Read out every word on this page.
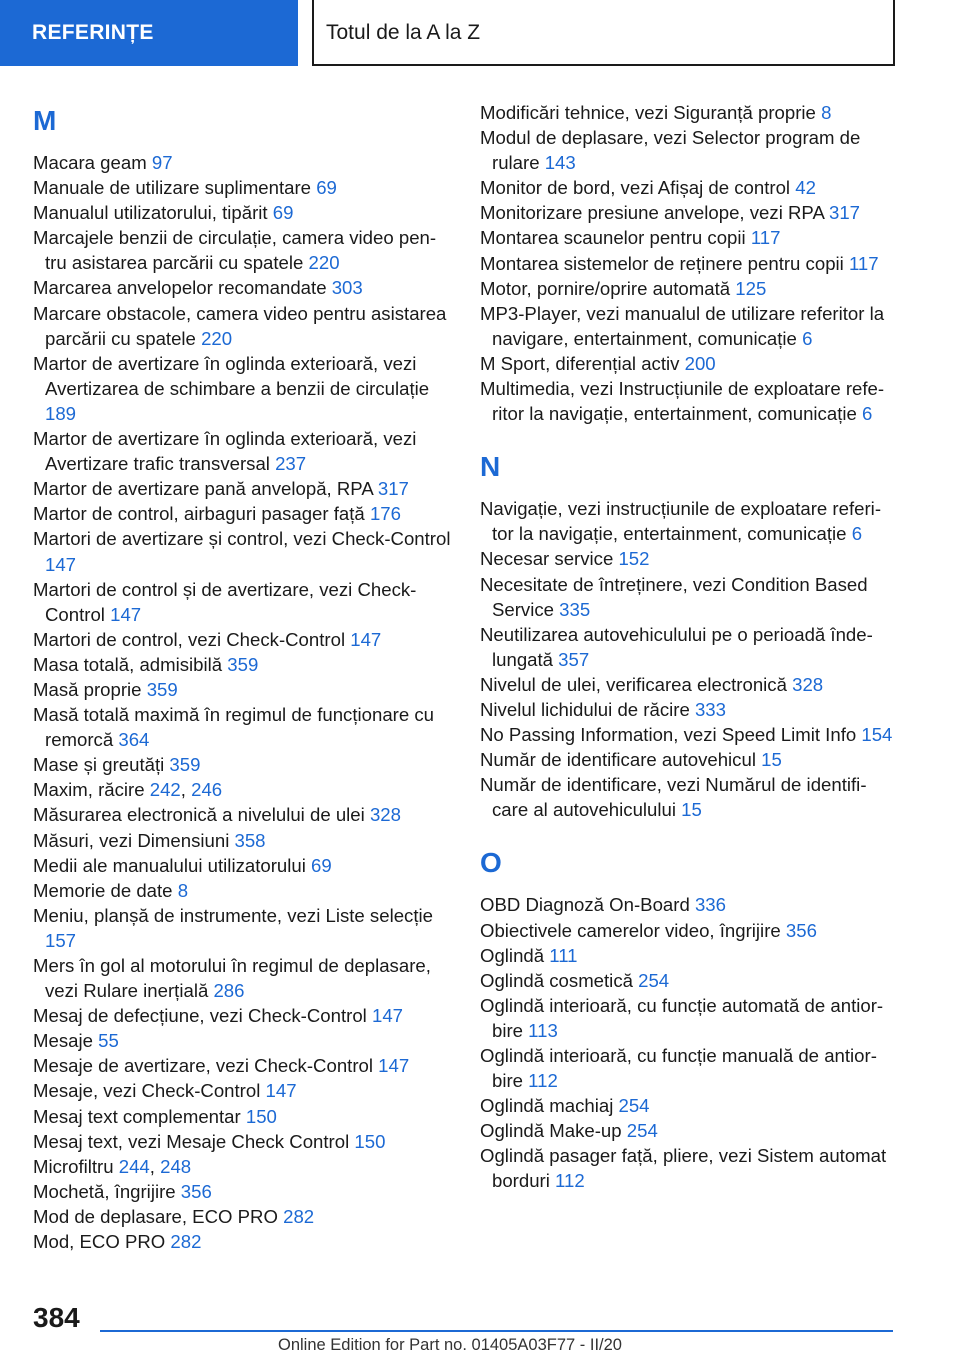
REFERINȚE	Totul de la A la Z
M
Macara geam 97
Manuale de utilizare suplimentare 69
Manualul utilizatorului, tipărit 69
Marcajele benzii de circulație, camera video pentru asistarea parcării cu spatele 220
Marcarea anvelopelor recomandate 303
Marcare obstacole, camera video pentru asistarea parcării cu spatele 220
Martor de avertizare în oglinda exterioară, vezi Avertizarea de schimbare a benzii de circulație 189
Martor de avertizare în oglinda exterioară, vezi Avertizare trafic transversal 237
Martor de avertizare pană anvelopă, RPA 317
Martor de control, airbaguri pasager față 176
Martori de avertizare și control, vezi Check-Control 147
Martori de control și de avertizare, vezi Check-Control 147
Martori de control, vezi Check-Control 147
Masa totală, admisibilă 359
Masă proprie 359
Masă totală maximă în regimul de funcționare cu remorcă 364
Mase și greutăți 359
Maxim, răcire 242, 246
Măsurarea electronică a nivelului de ulei 328
Măsuri, vezi Dimensiuni 358
Medii ale manualului utilizatorului 69
Memorie de date 8
Meniu, planșă de instrumente, vezi Liste selecție 157
Mers în gol al motorului în regimul de deplasare, vezi Rulare inerțială 286
Mesaj de defecțiune, vezi Check-Control 147
Mesaje 55
Mesaje de avertizare, vezi Check-Control 147
Mesaje, vezi Check-Control 147
Mesaj text complementar 150
Mesaj text, vezi Mesaje Check Control 150
Microfiltru 244, 248
Mochetă, îngrijire 356
Mod de deplasare, ECO PRO 282
Mod, ECO PRO 282
Modificări tehnice, vezi Siguranță proprie 8
Modul de deplasare, vezi Selector program de rulare 143
Monitor de bord, vezi Afișaj de control 42
Monitorizare presiune anvelope, vezi RPA 317
Montarea scaunelor pentru copii 117
Montarea sistemelor de reținere pentru copii 117
Motor, pornire/oprire automată 125
MP3-Player, vezi manualul de utilizare referitor la navigare, entertainment, comunicație 6
M Sport, diferențial activ 200
Multimedia, vezi Instrucțiunile de exploatare referitor la navigație, entertainment, comunicație 6
N
Navigație, vezi instrucțiunile de exploatare referitor la navigație, entertainment, comunicație 6
Necesar service 152
Necesitate de întreținere, vezi Condition Based Service 335
Neutilizarea autovehiculului pe o perioadă îndelungată 357
Nivelul de ulei, verificarea electronică 328
Nivelul lichidului de răcire 333
No Passing Information, vezi Speed Limit Info 154
Număr de identificare autovehicul 15
Număr de identificare, vezi Numărul de identificare al autovehiculului 15
O
OBD Diagnoză On-Board 336
Obiectivele camerelor video, îngrijire 356
Oglindă 111
Oglindă cosmetică 254
Oglindă interioară, cu funcție automată de antiorbire 113
Oglindă interioară, cu funcție manuală de antiorbire 112
Oglindă machiaj 254
Oglindă Make-up 254
Oglindă pasager față, pliere, vezi Sistem automat borduri 112
384
Online Edition for Part no. 01405A03F77 - II/20
